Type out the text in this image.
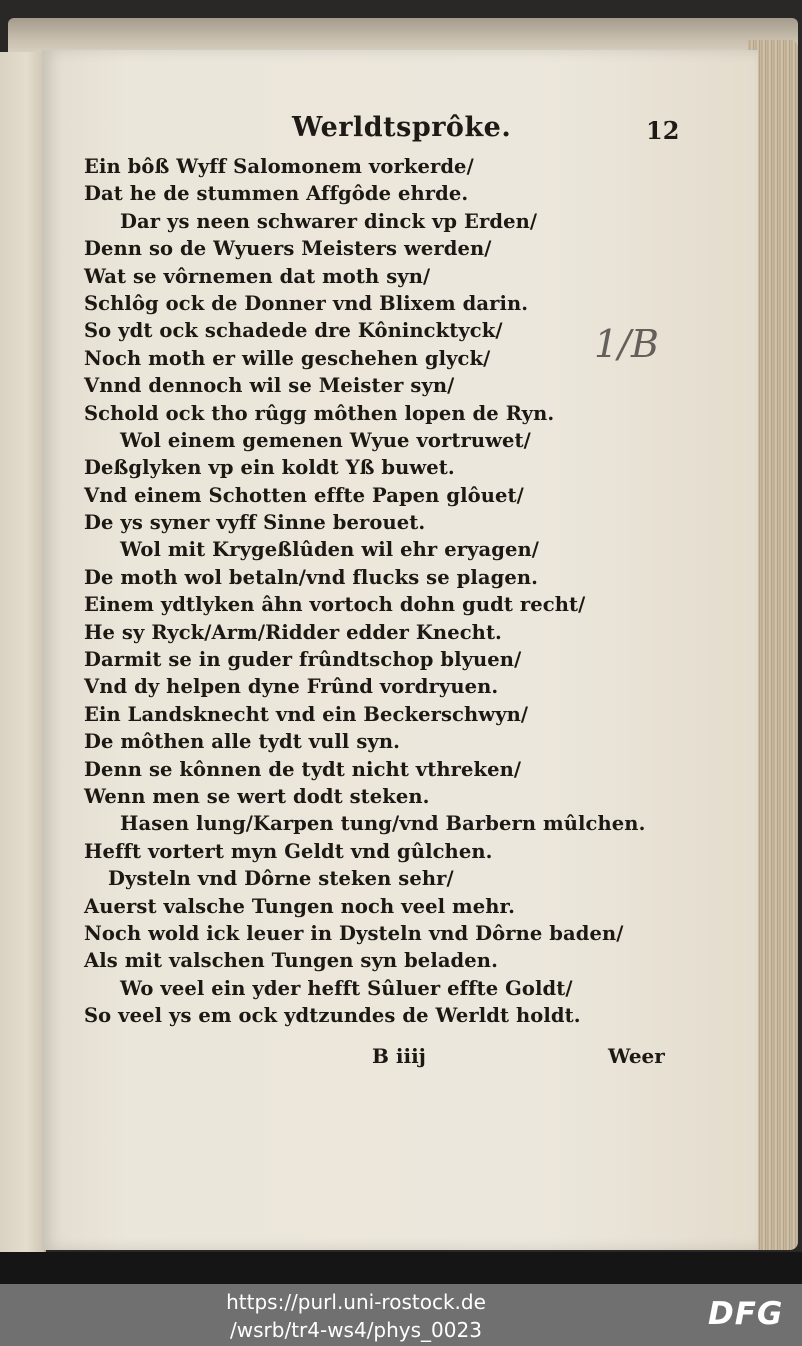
Werldtsprôke.	12
1/B
Ein bôß Wyff Salomonem vorkerde/
Dat he de stummen Affgôde ehrde.
Dar ys neen schwarer dinck vp Erden/
Denn so de Wyuers Meisters werden/
Wat se vôrnemen dat moth syn/
Schlôg ock de Donner vnd Blixem darin.
So ydt ock schadede dre Kônincktyck/
Noch moth er wille geschehen glyck/
Vnnd dennoch wil se Meister syn/
Schold ock tho rûgg môthen lopen de Ryn.
Wol einem gemenen Wyue vortruwet/
Deßglyken vp ein koldt Yß buwet.
Vnd einem Schotten effte Papen glôuet/
De ys syner vyff Sinne berouet.
Wol mit Krygeßlûden wil ehr eryagen/
De moth wol betaln/vnd flucks se plagen.
Einem ydtlyken âhn vortoch dohn gudt recht/
He sy Ryck/Arm/Ridder edder Knecht.
Darmit se in guder frûndtschop blyuen/
Vnd dy helpen dyne Frûnd vordryuen.
Ein Landsknecht vnd ein Beckerschwyn/
De môthen alle tydt vull syn.
Denn se kônnen de tydt nicht vthreken/
Wenn men se wert dodt steken.
Hasen lung/Karpen tung/vnd Barbern mûlchen.
Hefft vortert myn Geldt vnd gûlchen.
Dysteln vnd Dôrne steken sehr/
Auerst valsche Tungen noch veel mehr.
Noch wold ick leuer in Dysteln vnd Dôrne baden/
Als mit valschen Tungen syn beladen.
Wo veel ein yder hefft Sûluer effte Goldt/
So veel ys em ock ydtzundes de Werldt holdt.
B iiij	Weer
https://purl.uni-rostock.de
/wsrb/tr4-ws4/phys_0023	DFG
